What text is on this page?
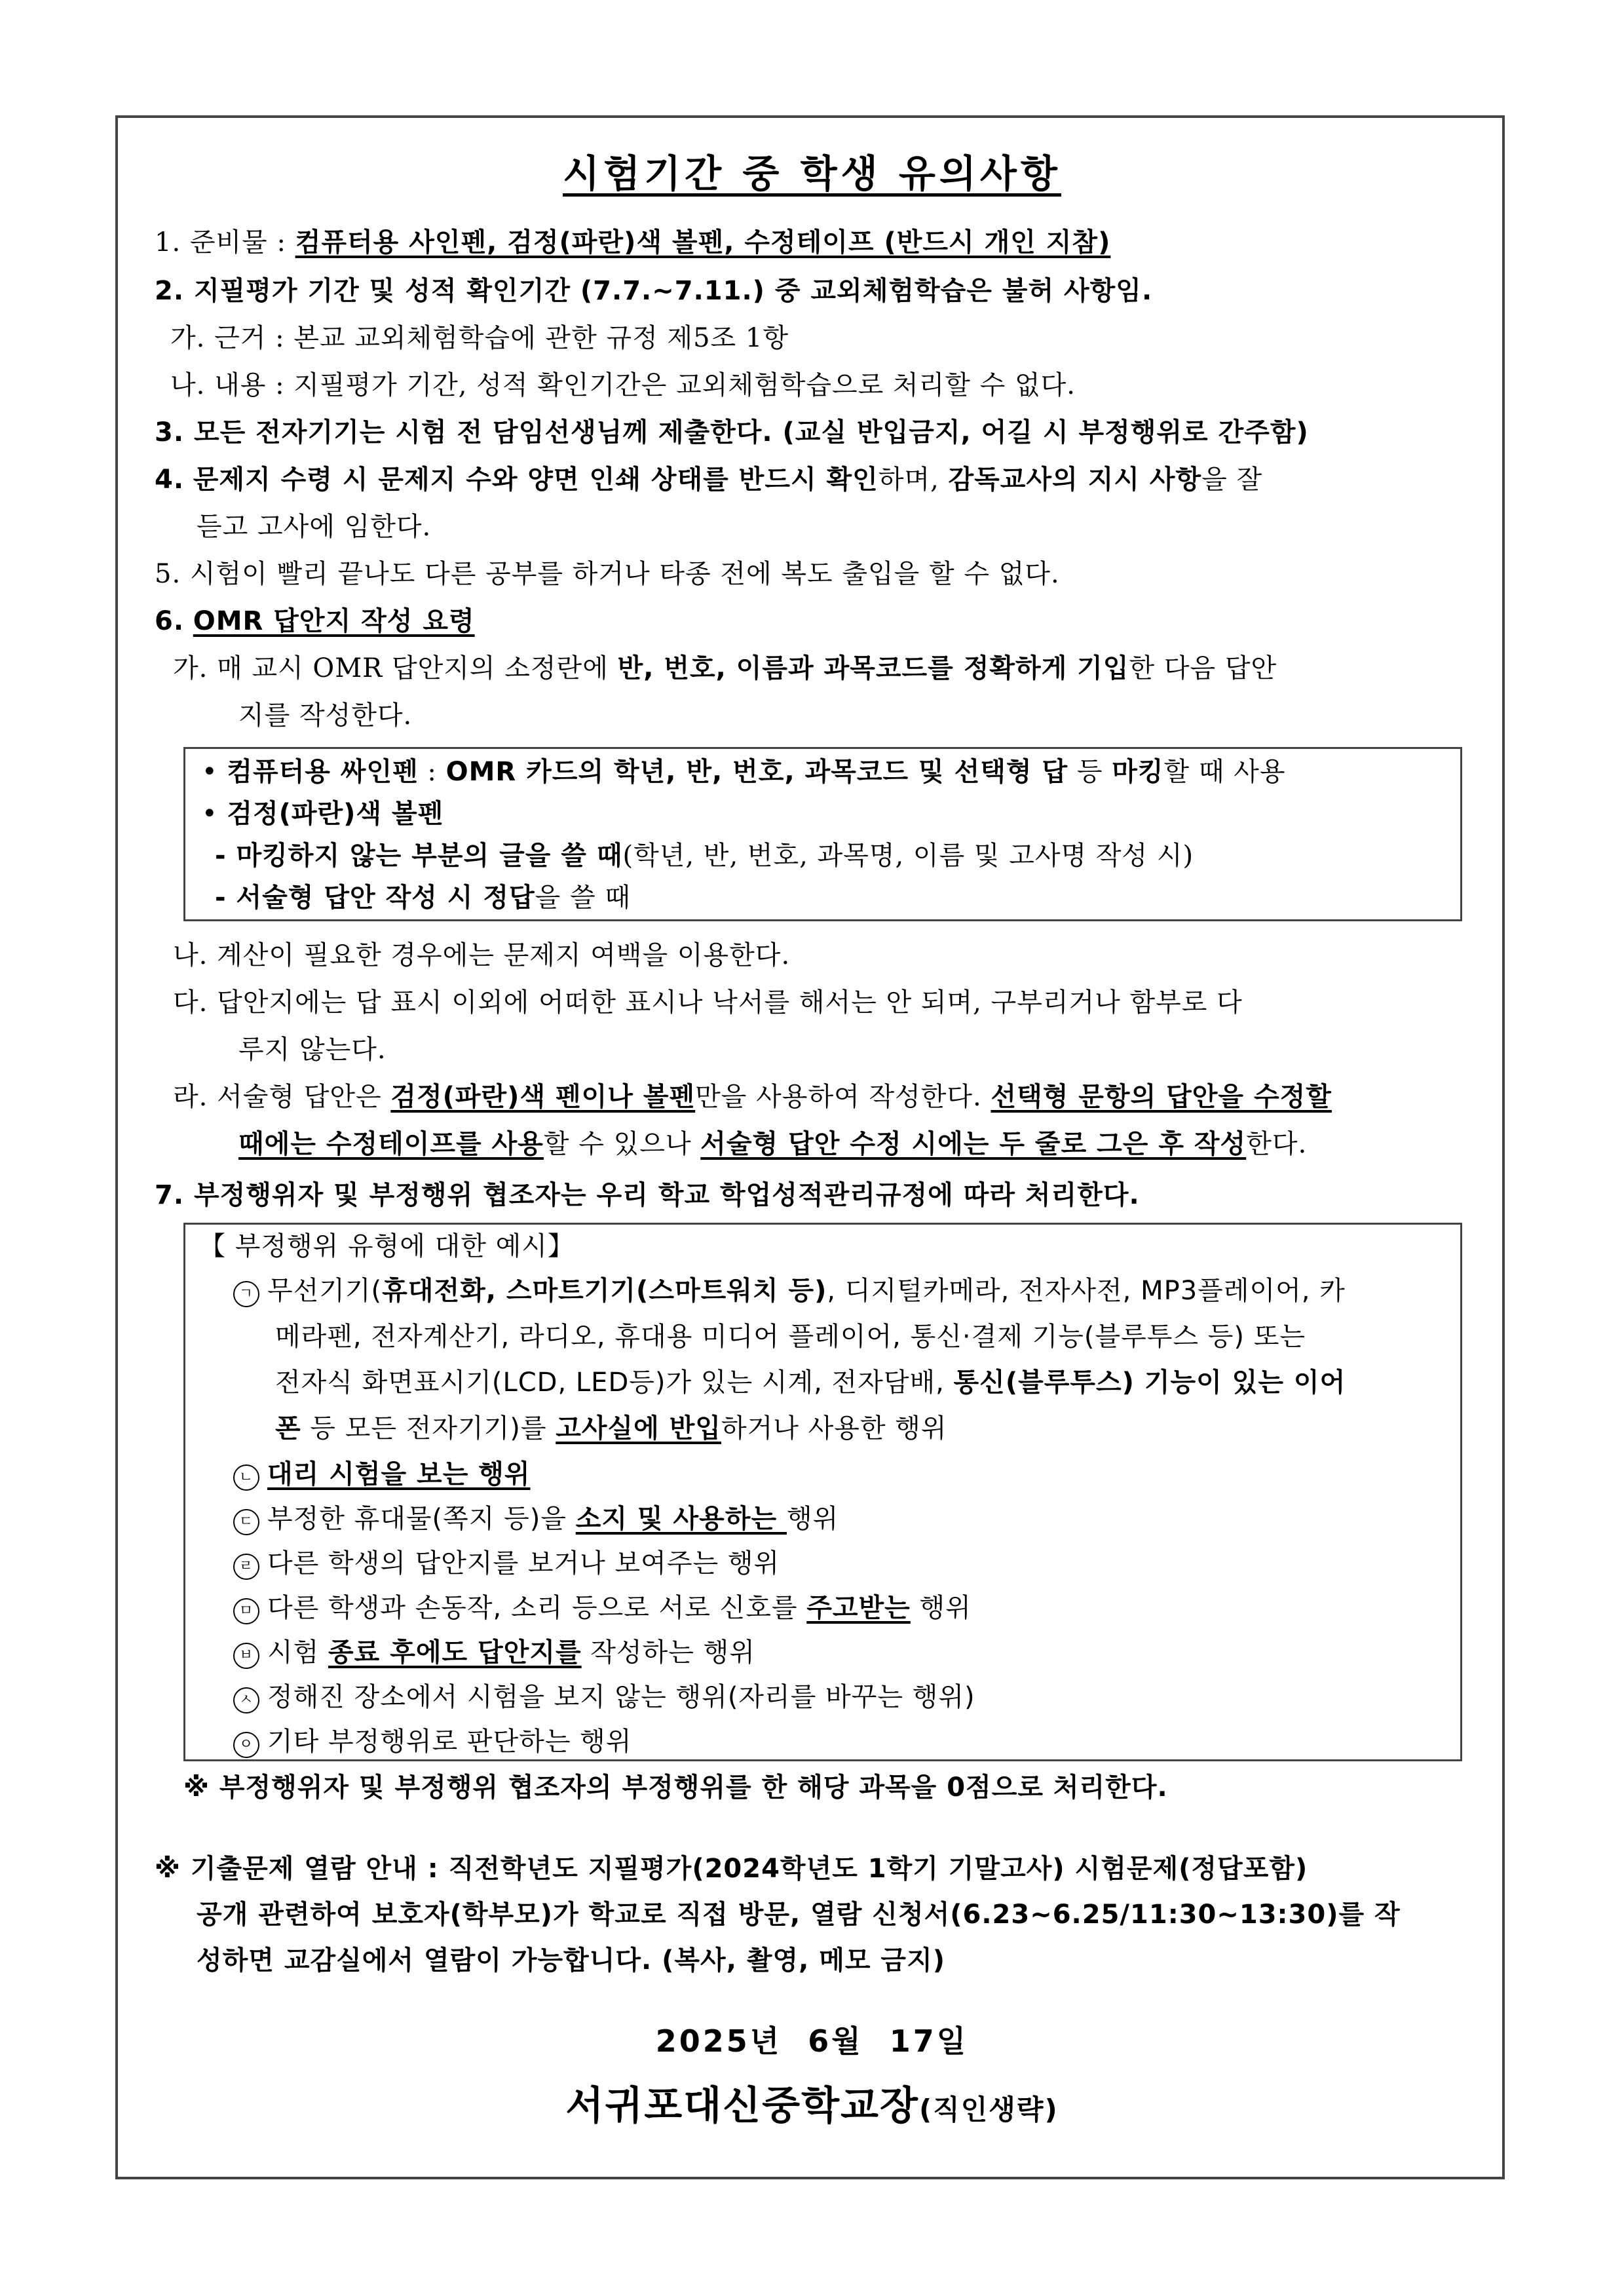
시험기간 중 학생 유의사항
1. 준비물 : 컴퓨터용 사인펜, 검정(파란)색 볼펜, 수정테이프 (반드시 개인 지참)
2. 지필평가 기간 및 성적 확인기간 (7.7.~7.11.) 중 교외체험학습은 불허 사항임.
가. 근거 : 본교 교외체험학습에 관한 규정 제5조 1항
나. 내용 : 지필평가 기간, 성적 확인기간은 교외체험학습으로 처리할 수 없다.
3. 모든 전자기기는 시험 전 담임선생님께 제출한다. (교실 반입금지, 어길 시 부정행위로 간주함)
4. 문제지 수령 시 문제지 수와 양면 인쇄 상태를 반드시 확인하며, 감독교사의 지시 사항을 잘
듣고 고사에 임한다.
5. 시험이 빨리 끝나도 다른 공부를 하거나 타종 전에 복도 출입을 할 수 없다.
6. OMR 답안지 작성 요령
가. 매 교시 OMR 답안지의 소정란에 반, 번호, 이름과 과목코드를 정확하게 기입한 다음 답안
지를 작성한다.
• 컴퓨터용 싸인펜 : OMR 카드의 학년, 반, 번호, 과목코드 및 선택형 답 등 마킹할 때 사용
• 검정(파란)색 볼펜
- 마킹하지 않는 부분의 글을 쓸 때(학년, 반, 번호, 과목명, 이름 및 고사명 작성 시)
- 서술형 답안 작성 시 정답을 쓸 때
나. 계산이 필요한 경우에는 문제지 여백을 이용한다.
다. 답안지에는 답 표시 이외에 어떠한 표시나 낙서를 해서는 안 되며, 구부리거나 함부로 다
루지 않는다.
라. 서술형 답안은 검정(파란)색 펜이나 볼펜만을 사용하여 작성한다. 선택형 문항의 답안을 수정할
때에는 수정테이프를 사용할 수 있으나 서술형 답안 수정 시에는 두 줄로 그은 후 작성한다.
7. 부정행위자 및 부정행위 협조자는 우리 학교 학업성적관리규정에 따라 처리한다.
【 부정행위 유형에 대한 예시】
ㄱ 무선기기(휴대전화, 스마트기기(스마트워치 등), 디지털카메라, 전자사전, MP3플레이어, 카
메라펜, 전자계산기, 라디오, 휴대용 미디어 플레이어, 통신·결제 기능(블루투스 등) 또는
전자식 화면표시기(LCD, LED등)가 있는 시계, 전자담배, 통신(블루투스) 기능이 있는 이어
폰 등 모든 전자기기)를 고사실에 반입하거나 사용한 행위
ㄴ 대리 시험을 보는 행위
ㄷ 부정한 휴대물(쪽지 등)을 소지 및 사용하는 행위
ㄹ 다른 학생의 답안지를 보거나 보여주는 행위
ㅁ 다른 학생과 손동작, 소리 등으로 서로 신호를 주고받는 행위
ㅂ 시험 종료 후에도 답안지를 작성하는 행위
ㅅ 정해진 장소에서 시험을 보지 않는 행위(자리를 바꾸는 행위)
ㅇ 기타 부정행위로 판단하는 행위
※ 부정행위자 및 부정행위 협조자의 부정행위를 한 해당 과목을 0점으로 처리한다.
※ 기출문제 열람 안내 : 직전학년도 지필평가(2024학년도 1학기 기말고사) 시험문제(정답포함)
공개 관련하여 보호자(학부모)가 학교로 직접 방문, 열람 신청서(6.23~6.25/11:30~13:30)를 작
성하면 교감실에서 열람이 가능합니다. (복사, 촬영, 메모 금지)
2025년  6월  17일
서귀포대신중학교장(직인생략)
